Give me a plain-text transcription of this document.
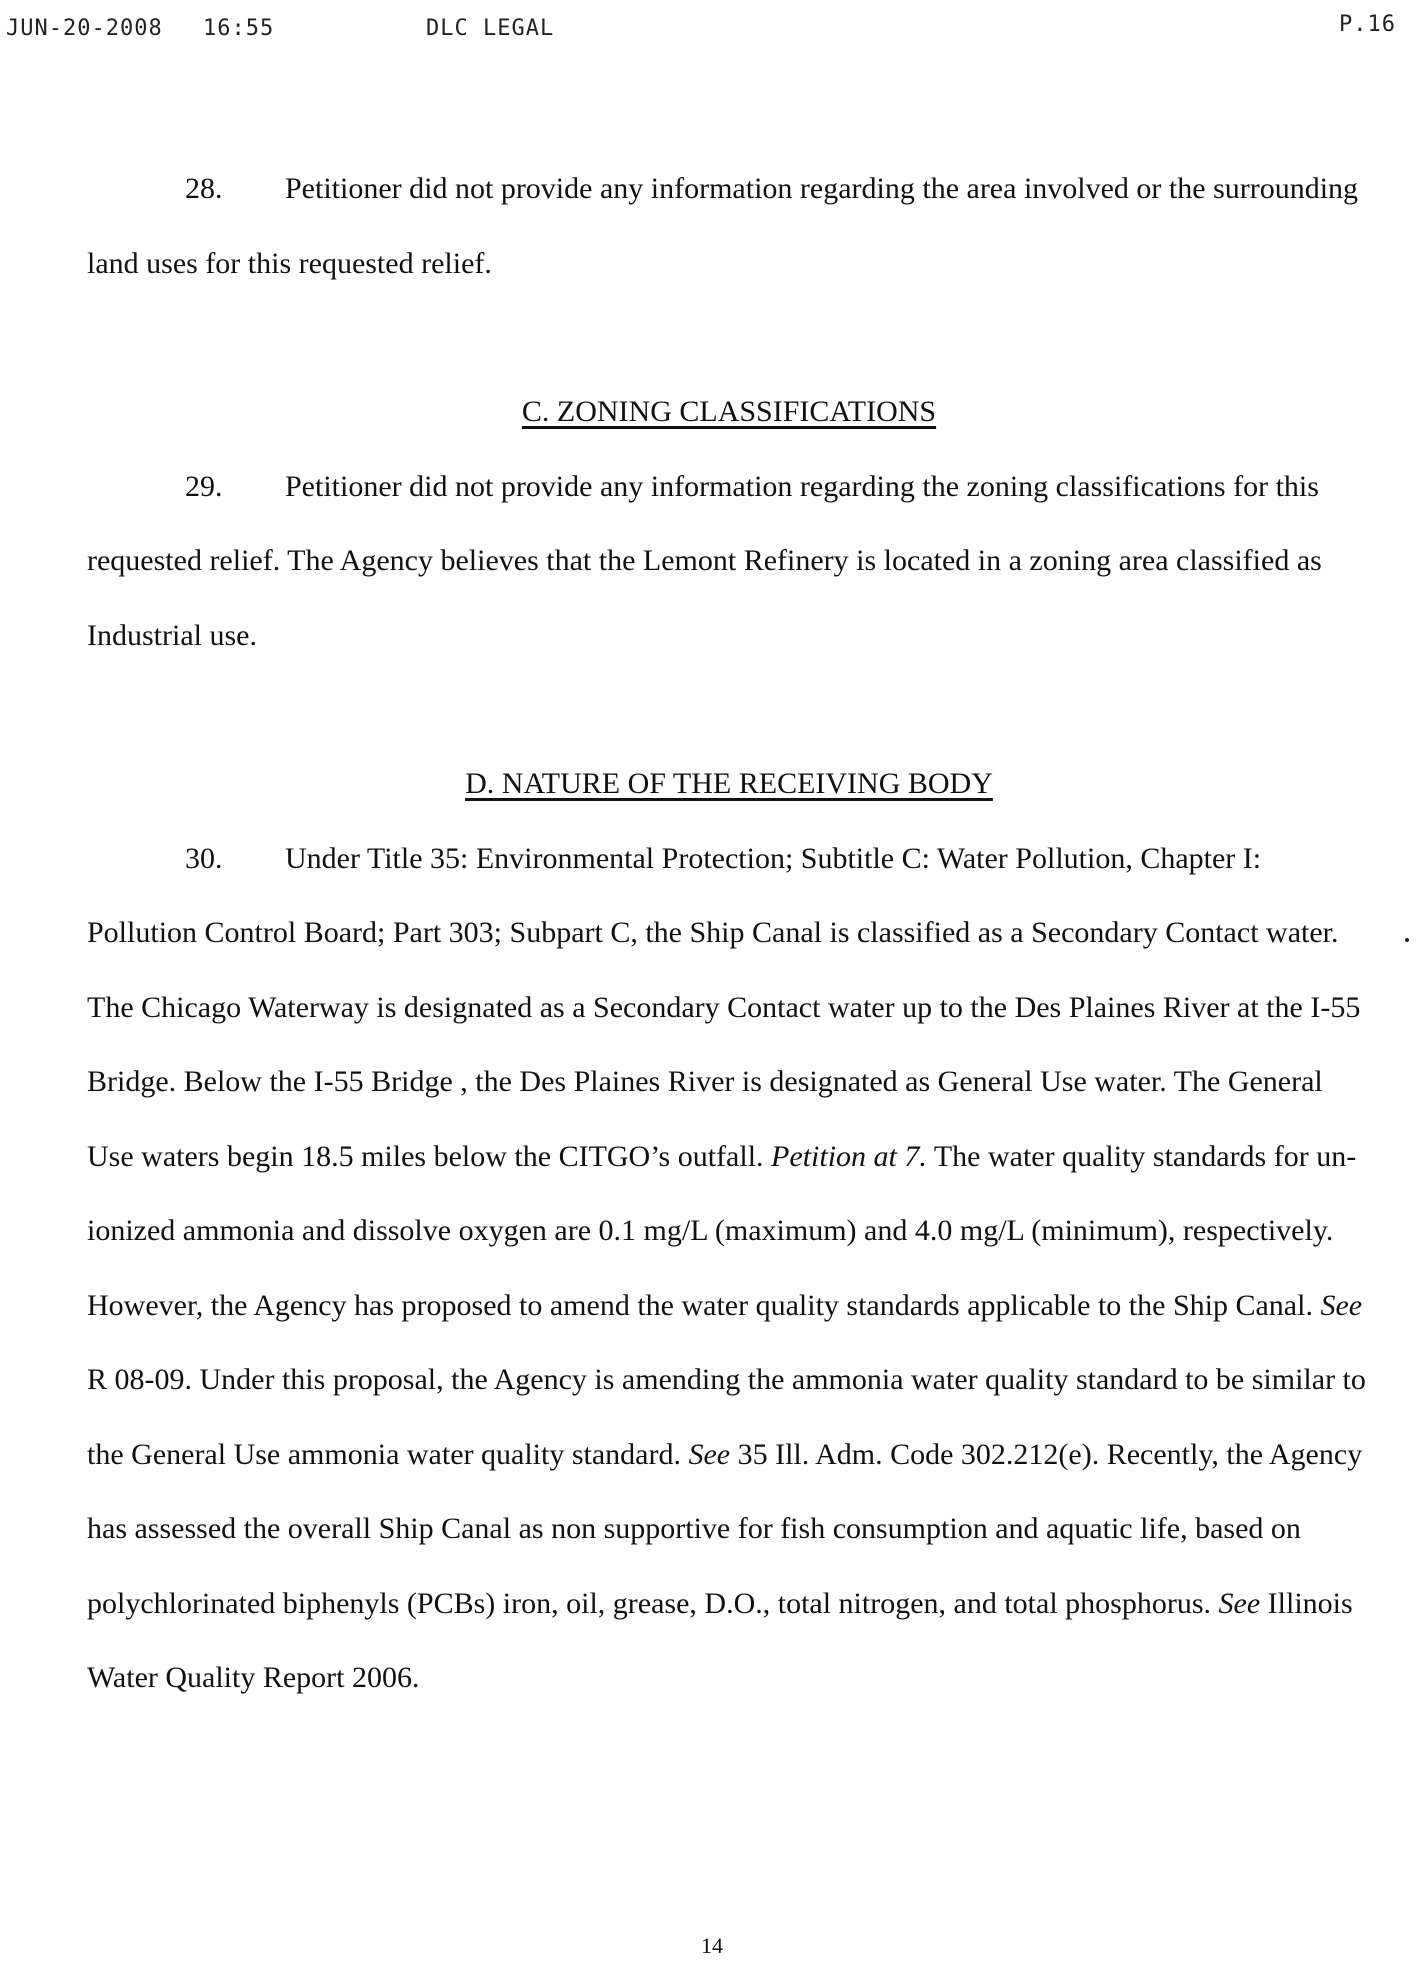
JUN-20-2008 16:55	DLC LEGAL	P.16

28. Petitioner did not provide any information regarding the area involved or the surrounding land uses for this requested relief.

C. ZONING CLASSIFICATIONS

29. Petitioner did not provide any information regarding the zoning classifications for this requested relief. The Agency believes that the Lemont Refinery is located in a zoning area classified as Industrial use.

D. NATURE OF THE RECEIVING BODY

30. Under Title 35: Environmental Protection; Subtitle C: Water Pollution, Chapter I: Pollution Control Board; Part 303; Subpart C, the Ship Canal is classified as a Secondary Contact water. The Chicago Waterway is designated as a Secondary Contact water up to the Des Plaines River at the I-55 Bridge. Below the I-55 Bridge , the Des Plaines River is designated as General Use water. The General Use waters begin 18.5 miles below the CITGO’s outfall. Petition at 7. The water quality standards for un-ionized ammonia and dissolve oxygen are 0.1 mg/L (maximum) and 4.0 mg/L (minimum), respectively. However, the Agency has proposed to amend the water quality standards applicable to the Ship Canal. See R 08-09. Under this proposal, the Agency is amending the ammonia water quality standard to be similar to the General Use ammonia water quality standard. See 35 Ill. Adm. Code 302.212(e). Recently, the Agency has assessed the overall Ship Canal as non supportive for fish consumption and aquatic life, based on polychlorinated biphenyls (PCBs) iron, oil, grease, D.O., total nitrogen, and total phosphorus. See Illinois Water Quality Report 2006.

14
